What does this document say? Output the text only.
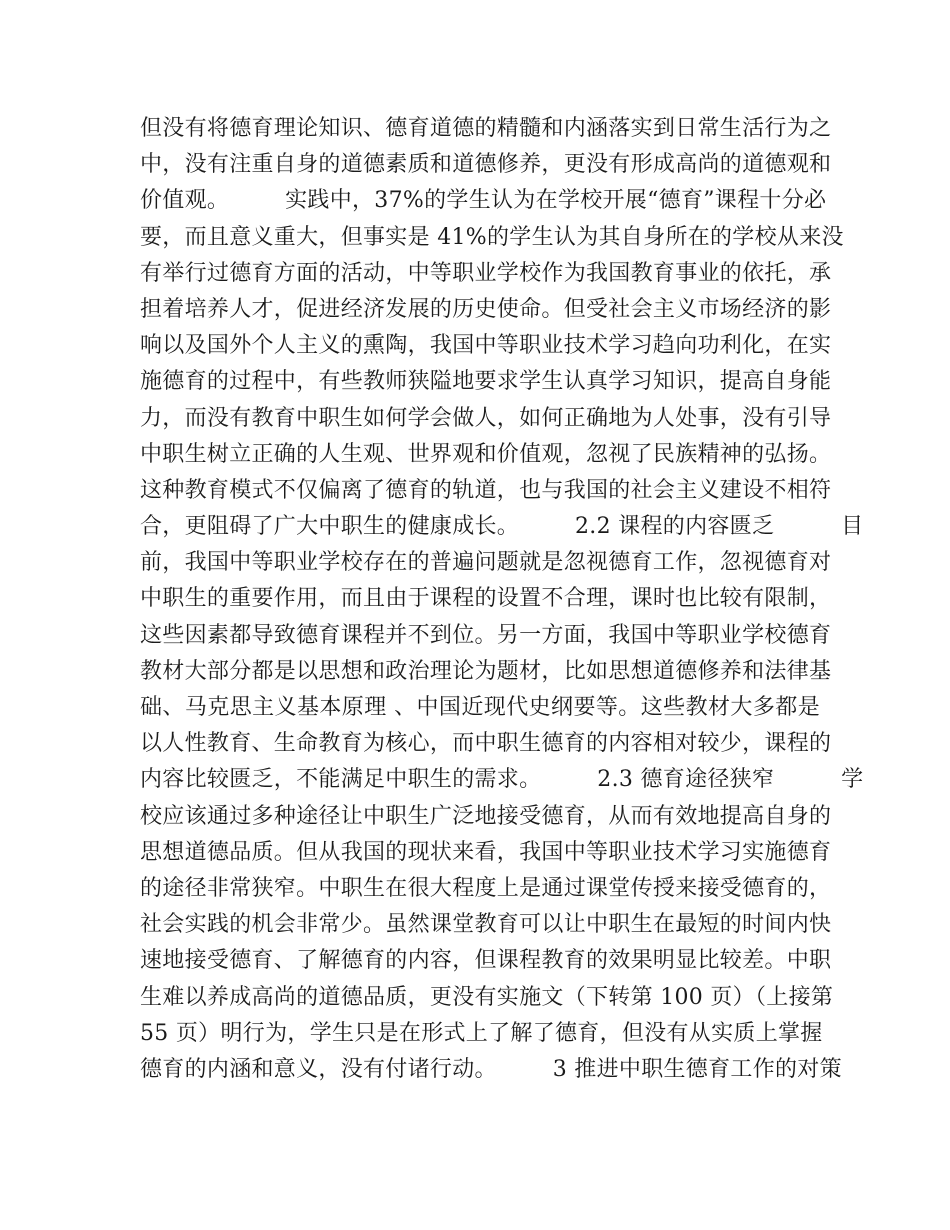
但没有将德育理论知识、德育道德的精髓和内涵落实到日常生活行为之
中，没有注重自身的道德素质和道德修养，更没有形成高尚的道德观和
价值观。　　　实践中，37%的学生认为在学校开展“德育”课程十分必
要，而且意义重大，但事实是 41%的学生认为其自身所在的学校从来没
有举行过德育方面的活动，中等职业学校作为我国教育事业的依托，承
担着培养人才，促进经济发展的历史使命。但受社会主义市场经济的影
响以及国外个人主义的熏陶，我国中等职业技术学习趋向功利化，在实
施德育的过程中，有些教师狭隘地要求学生认真学习知识，提高自身能
力，而没有教育中职生如何学会做人，如何正确地为人处事，没有引导
中职生树立正确的人生观、世界观和价值观，忽视了民族精神的弘扬。
这种教育模式不仅偏离了德育的轨道，也与我国的社会主义建设不相符
合，更阻碍了广大中职生的健康成长。　　　2.2 课程的内容匮乏　　　目
前，我国中等职业学校存在的普遍问题就是忽视德育工作，忽视德育对
中职生的重要作用，而且由于课程的设置不合理，课时也比较有限制，
这些因素都导致德育课程并不到位。另一方面，我国中等职业学校德育
教材大部分都是以思想和政治理论为题材，比如思想道德修养和法律基
础、马克思主义基本原理 、中国近现代史纲要等。这些教材大多都是
以人性教育、生命教育为核心，而中职生德育的内容相对较少，课程的
内容比较匮乏，不能满足中职生的需求。　　　2.3 德育途径狭窄　　　学
校应该通过多种途径让中职生广泛地接受德育，从而有效地提高自身的
思想道德品质。但从我国的现状来看，我国中等职业技术学习实施德育
的途径非常狭窄。中职生在很大程度上是通过课堂传授来接受德育的，
社会实践的机会非常少。虽然课堂教育可以让中职生在最短的时间内快
速地接受德育、了解德育的内容，但课程教育的效果明显比较差。中职
生难以养成高尚的道德品质，更没有实施文（下转第 100 页）（上接第
55 页）明行为，学生只是在形式上了解了德育，但没有从实质上掌握
德育的内涵和意义，没有付诸行动。　　　3 推进中职生德育工作的对策
